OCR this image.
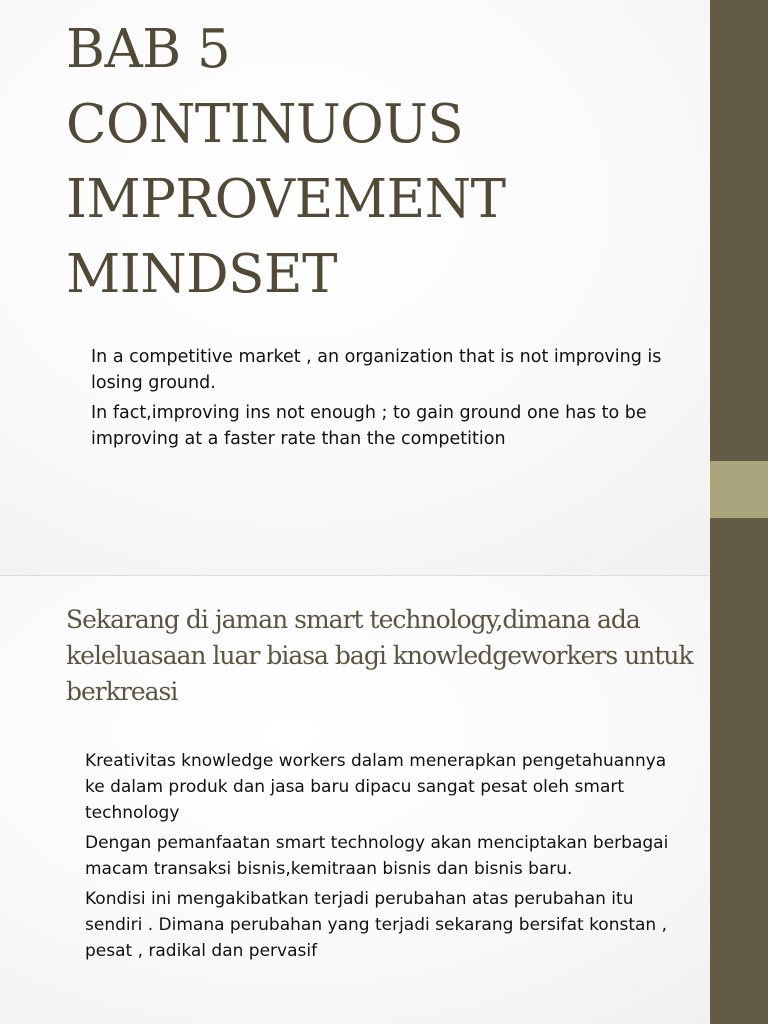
BAB 5
CONTINUOUS
IMPROVEMENT
MINDSET

In a competitive market , an organization that is not improving is losing ground.

In fact,improving ins not enough ; to gain ground one has to be improving at a faster rate than the competition

Sekarang di jaman smart technology,dimana ada keleluasaan luar biasa bagi knowledgeworkers untuk berkreasi

Kreativitas knowledge workers dalam menerapkan pengetahuannya ke dalam produk dan jasa baru dipacu sangat pesat oleh smart technology

Dengan pemanfaatan smart technology akan menciptakan berbagai macam transaksi bisnis,kemitraan bisnis dan bisnis baru.

Kondisi ini mengakibatkan terjadi perubahan atas perubahan itu sendiri . Dimana perubahan yang terjadi sekarang bersifat konstan , pesat , radikal dan pervasif
